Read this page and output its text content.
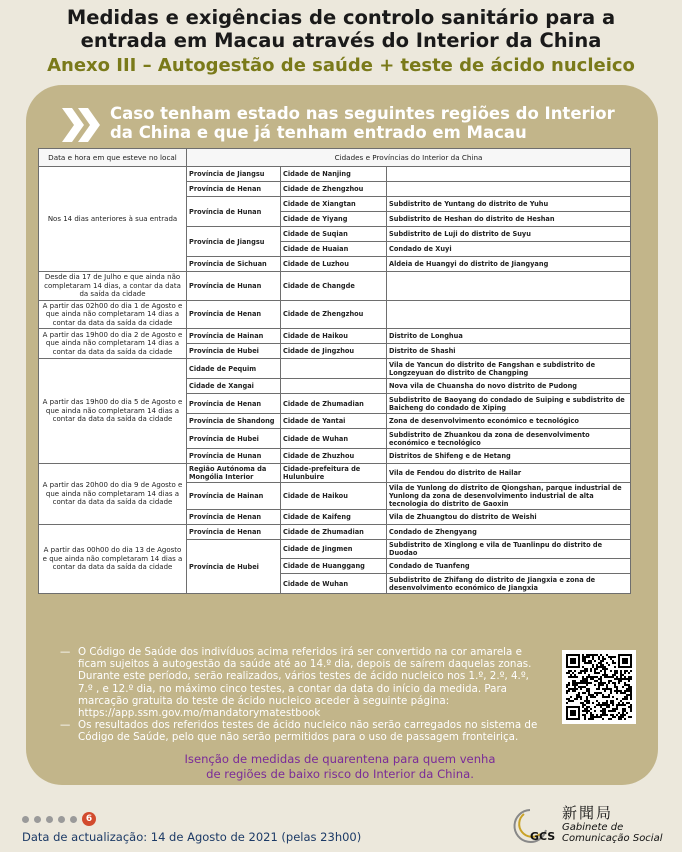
Medidas e exigências de controlo sanitário para a
entrada em Macau através do Interior da China
Anexo III – Autogestão de saúde + teste de ácido nucleico
Caso tenham estado nas seguintes regiões do Interior
da China e que já tenham entrado em Macau
Data e hora em que esteve no local	Cidades e Províncias do Interior da China		
Nos 14 dias anteriores à sua entrada	Província de Jiangsu	Cidade de Nanjing	
	Província de Henan	Cidade de Zhengzhou	
	Província de Hunan	Cidade de Xiangtan	Subdistrito de Yuntang do distrito de Yuhu
		Cidade de Yiyang	Subdistrito de Heshan do distrito de Heshan
	Província de Jiangsu	Cidade de Suqian	Subdistrito de Luji do distrito de Suyu
		Cidade de Huaian	Condado de Xuyi
	Província de Sichuan	Cidade de Luzhou	Aldeia de Huangyi do distrito de Jiangyang
Desde dia 17 de Julho e que ainda não completaram 14 dias, a contar da data da saída da cidade	Província de Hunan	Cidade de Changde	
A partir das 02h00 do dia 1 de Agosto e que ainda não completaram 14 dias a contar da data da saída da cidade	Província de Henan	Cidade de Zhengzhou	
A partir das 19h00 do dia 2 de Agosto e que ainda não completaram 14 dias a contar da data da saída da cidade	Província de Hainan	Cidade de Haikou	Distrito de Longhua
	Província de Hubei	Cidade de Jingzhou	Distrito de Shashi
A partir das 19h00 do dia 5 de Agosto e que ainda não completaram 14 dias a contar da data da saída da cidade	Cidade de Pequim		Vila de Yancun do distrito de Fangshan e subdistrito de Longzeyuan do distrito de Changping
	Cidade de Xangai		Nova vila de Chuansha do novo distrito de Pudong
	Província de Henan	Cidade de Zhumadian	Subdistrito de Baoyang do condado de Suiping e subdistrito de Baicheng do condado de Xiping
	Província de Shandong	Cidade de Yantai	Zona de desenvolvimento económico e tecnológico
	Província de Hubei	Cidade de Wuhan	Subdistrito de Zhuankou da zona de desenvolvimento económico e tecnológico
	Província de Hunan	Cidade de Zhuzhou	Distritos de Shifeng e de Hetang
A partir das 20h00 do dia 9 de Agosto e que ainda não completaram 14 dias a contar da data da saída da cidade	Região Autónoma da Mongólia Interior	Cidade-prefeitura de Hulunbuire	Vila de Fendou do distrito de Hailar
	Província de Hainan	Cidade de Haikou	Vila de Yunlong do distrito de Qiongshan, parque industrial de Yunlong da zona de desenvolvimento industrial de alta tecnologia do distrito de Gaoxin
	Província de Henan	Cidade de Kaifeng	Vila de Zhuangtou do distrito de Weishi
A partir das 00h00 do dia 13 de Agosto e que ainda não completaram 14 dias a contar da data da saída da cidade	Província de Henan	Cidade de Zhumadian	Condado de Zhengyang
	Província de Hubei	Cidade de Jingmen	Subdistrito de Xinglong e vila de Tuanlinpu do distrito de Duodao
		Cidade de Huanggang	Condado de Tuanfeng
		Cidade de Wuhan	Subdistrito de Zhifang do distrito de Jiangxia e zona de desenvolvimento económico de Jiangxia
— O Código de Saúde dos indivíduos acima referidos irá ser convertido na cor amarela e ficam sujeitos à autogestão da saúde até ao 14.º dia, depois de saírem daquelas zonas. Durante este período, serão realizados, vários testes de ácido nucleico nos 1.º, 2.º, 4.º, 7.º , e 12.º dia, no máximo cinco testes, a contar da data do início da medida. Para marcação gratuita do teste de ácido nucleico aceder à seguinte página: https://app.ssm.gov.mo/mandatorymatestbook
— Os resultados dos referidos testes de ácido nucleico não serão carregados no sistema de Código de Saúde, pelo que não serão permitidos para o uso de passagem fronteiriça.
Isenção de medidas de quarentena para quem venha
de regiões de baixo risco do Interior da China.
6
Data de actualização: 14 de Agosto de 2021 (pelas 23h00)	GCS
新聞局
Gabinete de
Comunicação Social
